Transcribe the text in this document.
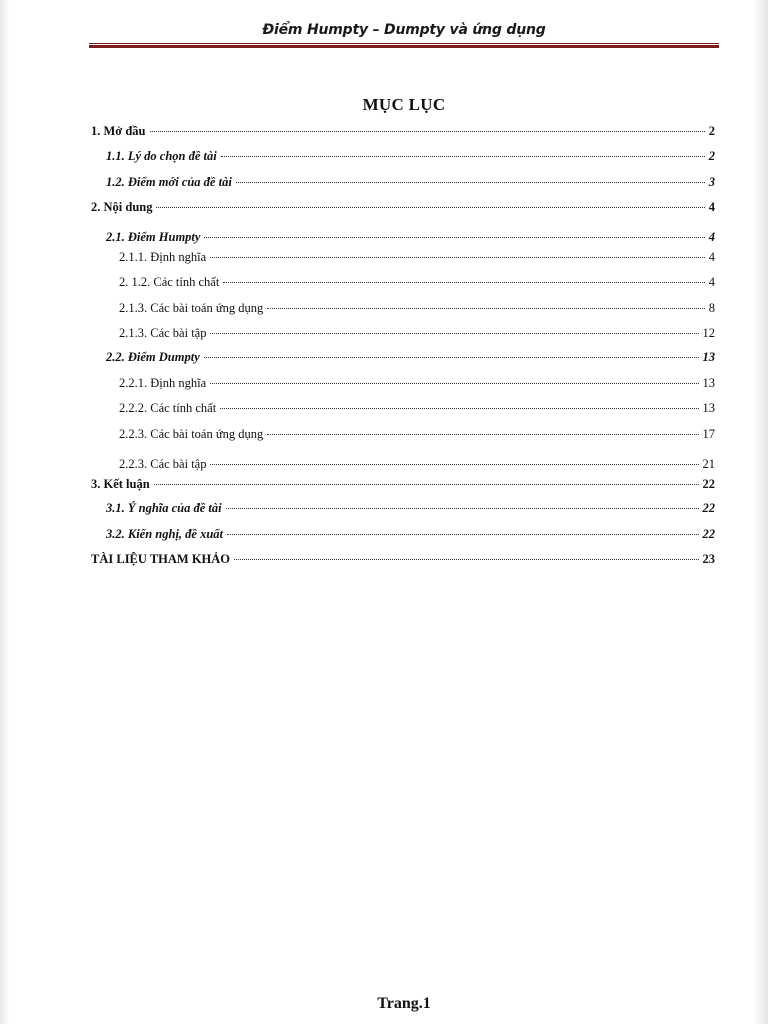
Điểm Humpty – Dumpty và ứng dụng
MỤC LỤC
1. Mở đầu	2
1.1. Lý do chọn đề tài	2
1.2. Điểm mới của đề tài	3
2. Nội dung	4
2.1. Điểm Humpty	4
2.1.1. Định nghĩa	4
2. 1.2. Các tính chất	4
2.1.3. Các bài toán ứng dụng	8
2.1.3. Các bài tập	12
2.2. Điểm Dumpty	13
2.2.1. Định nghĩa	13
2.2.2. Các tính chất	13
2.2.3. Các bài toán ứng dụng	17
2.2.3. Các bài tập	21
3. Kết luận	22
3.1. Ý nghĩa của đề tài	22
3.2. Kiến nghị, đề xuất	22
TÀI LIỆU THAM KHẢO	23
Trang.1
